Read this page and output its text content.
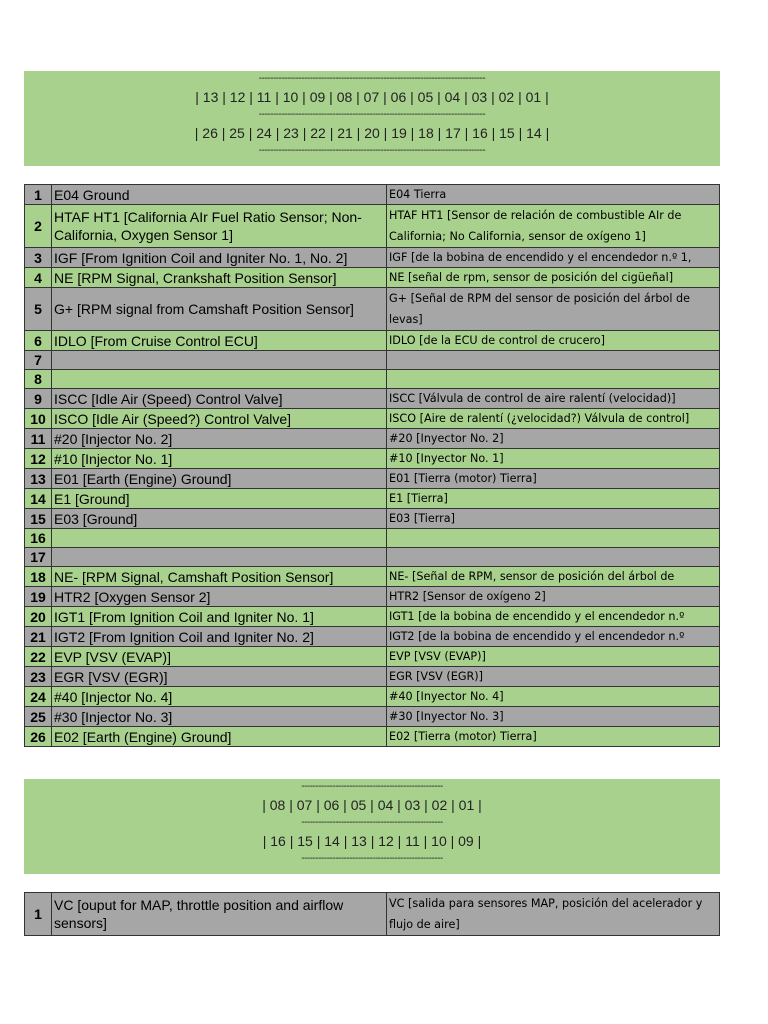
--------------------------------------------------------------------------------
| 13 | 12 | 11 | 10 | 09 | 08 | 07 | 06 | 05 | 04 | 03 | 02 | 01 |
--------------------------------------------------------------------------------
| 26 | 25 | 24 | 23 | 22 | 21 | 20 | 19 | 18 | 17 | 16 | 15 | 14 |
--------------------------------------------------------------------------------
1	E04 Ground	E04 Tierra
2	HTAF HT1 [California AIr Fuel Ratio Sensor; Non-California, Oxygen Sensor 1]	HTAF HT1 [Sensor de relación de combustible AIr de California; No California, sensor de oxígeno 1]
3	IGF [From Ignition Coil and Igniter No. 1, No. 2]	IGF [de la bobina de encendido y el encendedor n.º 1,
4	NE [RPM Signal, Crankshaft Position Sensor]	NE [señal de rpm, sensor de posición del cigüeñal]
5	G+ [RPM signal from Camshaft Position Sensor]	G+ [Señal de RPM del sensor de posición del árbol de levas]
6	IDLO [From Cruise Control ECU]	IDLO [de la ECU de control de crucero]
7		
8		
9	ISCC [Idle Air (Speed) Control Valve]	ISCC [Válvula de control de aire ralentí (velocidad)]
10	ISCO [Idle Air (Speed?) Control Valve]	ISCO [Aire de ralentí (¿velocidad?) Válvula de control]
11	#20 [Injector No. 2]	#20 [Inyector No. 2]
12	#10 [Injector No. 1]	#10 [Inyector No. 1]
13	E01 [Earth (Engine) Ground]	E01 [Tierra (motor) Tierra]
14	E1 [Ground]	E1 [Tierra]
15	E03 [Ground]	E03 [Tierra]
16		
17		
18	NE- [RPM Signal, Camshaft Position Sensor]	NE- [Señal de RPM, sensor de posición del árbol de
19	HTR2 [Oxygen Sensor 2]	HTR2 [Sensor de oxígeno 2]
20	IGT1 [From Ignition Coil and Igniter No. 1]	IGT1 [de la bobina de encendido y el encendedor n.º
21	IGT2 [From Ignition Coil and Igniter No. 2]	IGT2 [de la bobina de encendido y el encendedor n.º
22	EVP [VSV (EVAP)]	EVP [VSV (EVAP)]
23	EGR [VSV (EGR)]	EGR [VSV (EGR)]
24	#40 [Injector No. 4]	#40 [Inyector No. 4]
25	#30 [Injector No. 3]	#30 [Inyector No. 3]
26	E02 [Earth (Engine) Ground]	E02 [Tierra (motor) Tierra]
--------------------------------------------------
| 08 | 07 | 06 | 05 | 04 | 03 | 02 | 01 |
--------------------------------------------------
| 16 | 15 | 14 | 13 | 12 | 11 | 10 | 09 |
--------------------------------------------------
1	VC [ouput for MAP, throttle position and airflow sensors]	VC [salida para sensores MAP, posición del acelerador y flujo de aire]
